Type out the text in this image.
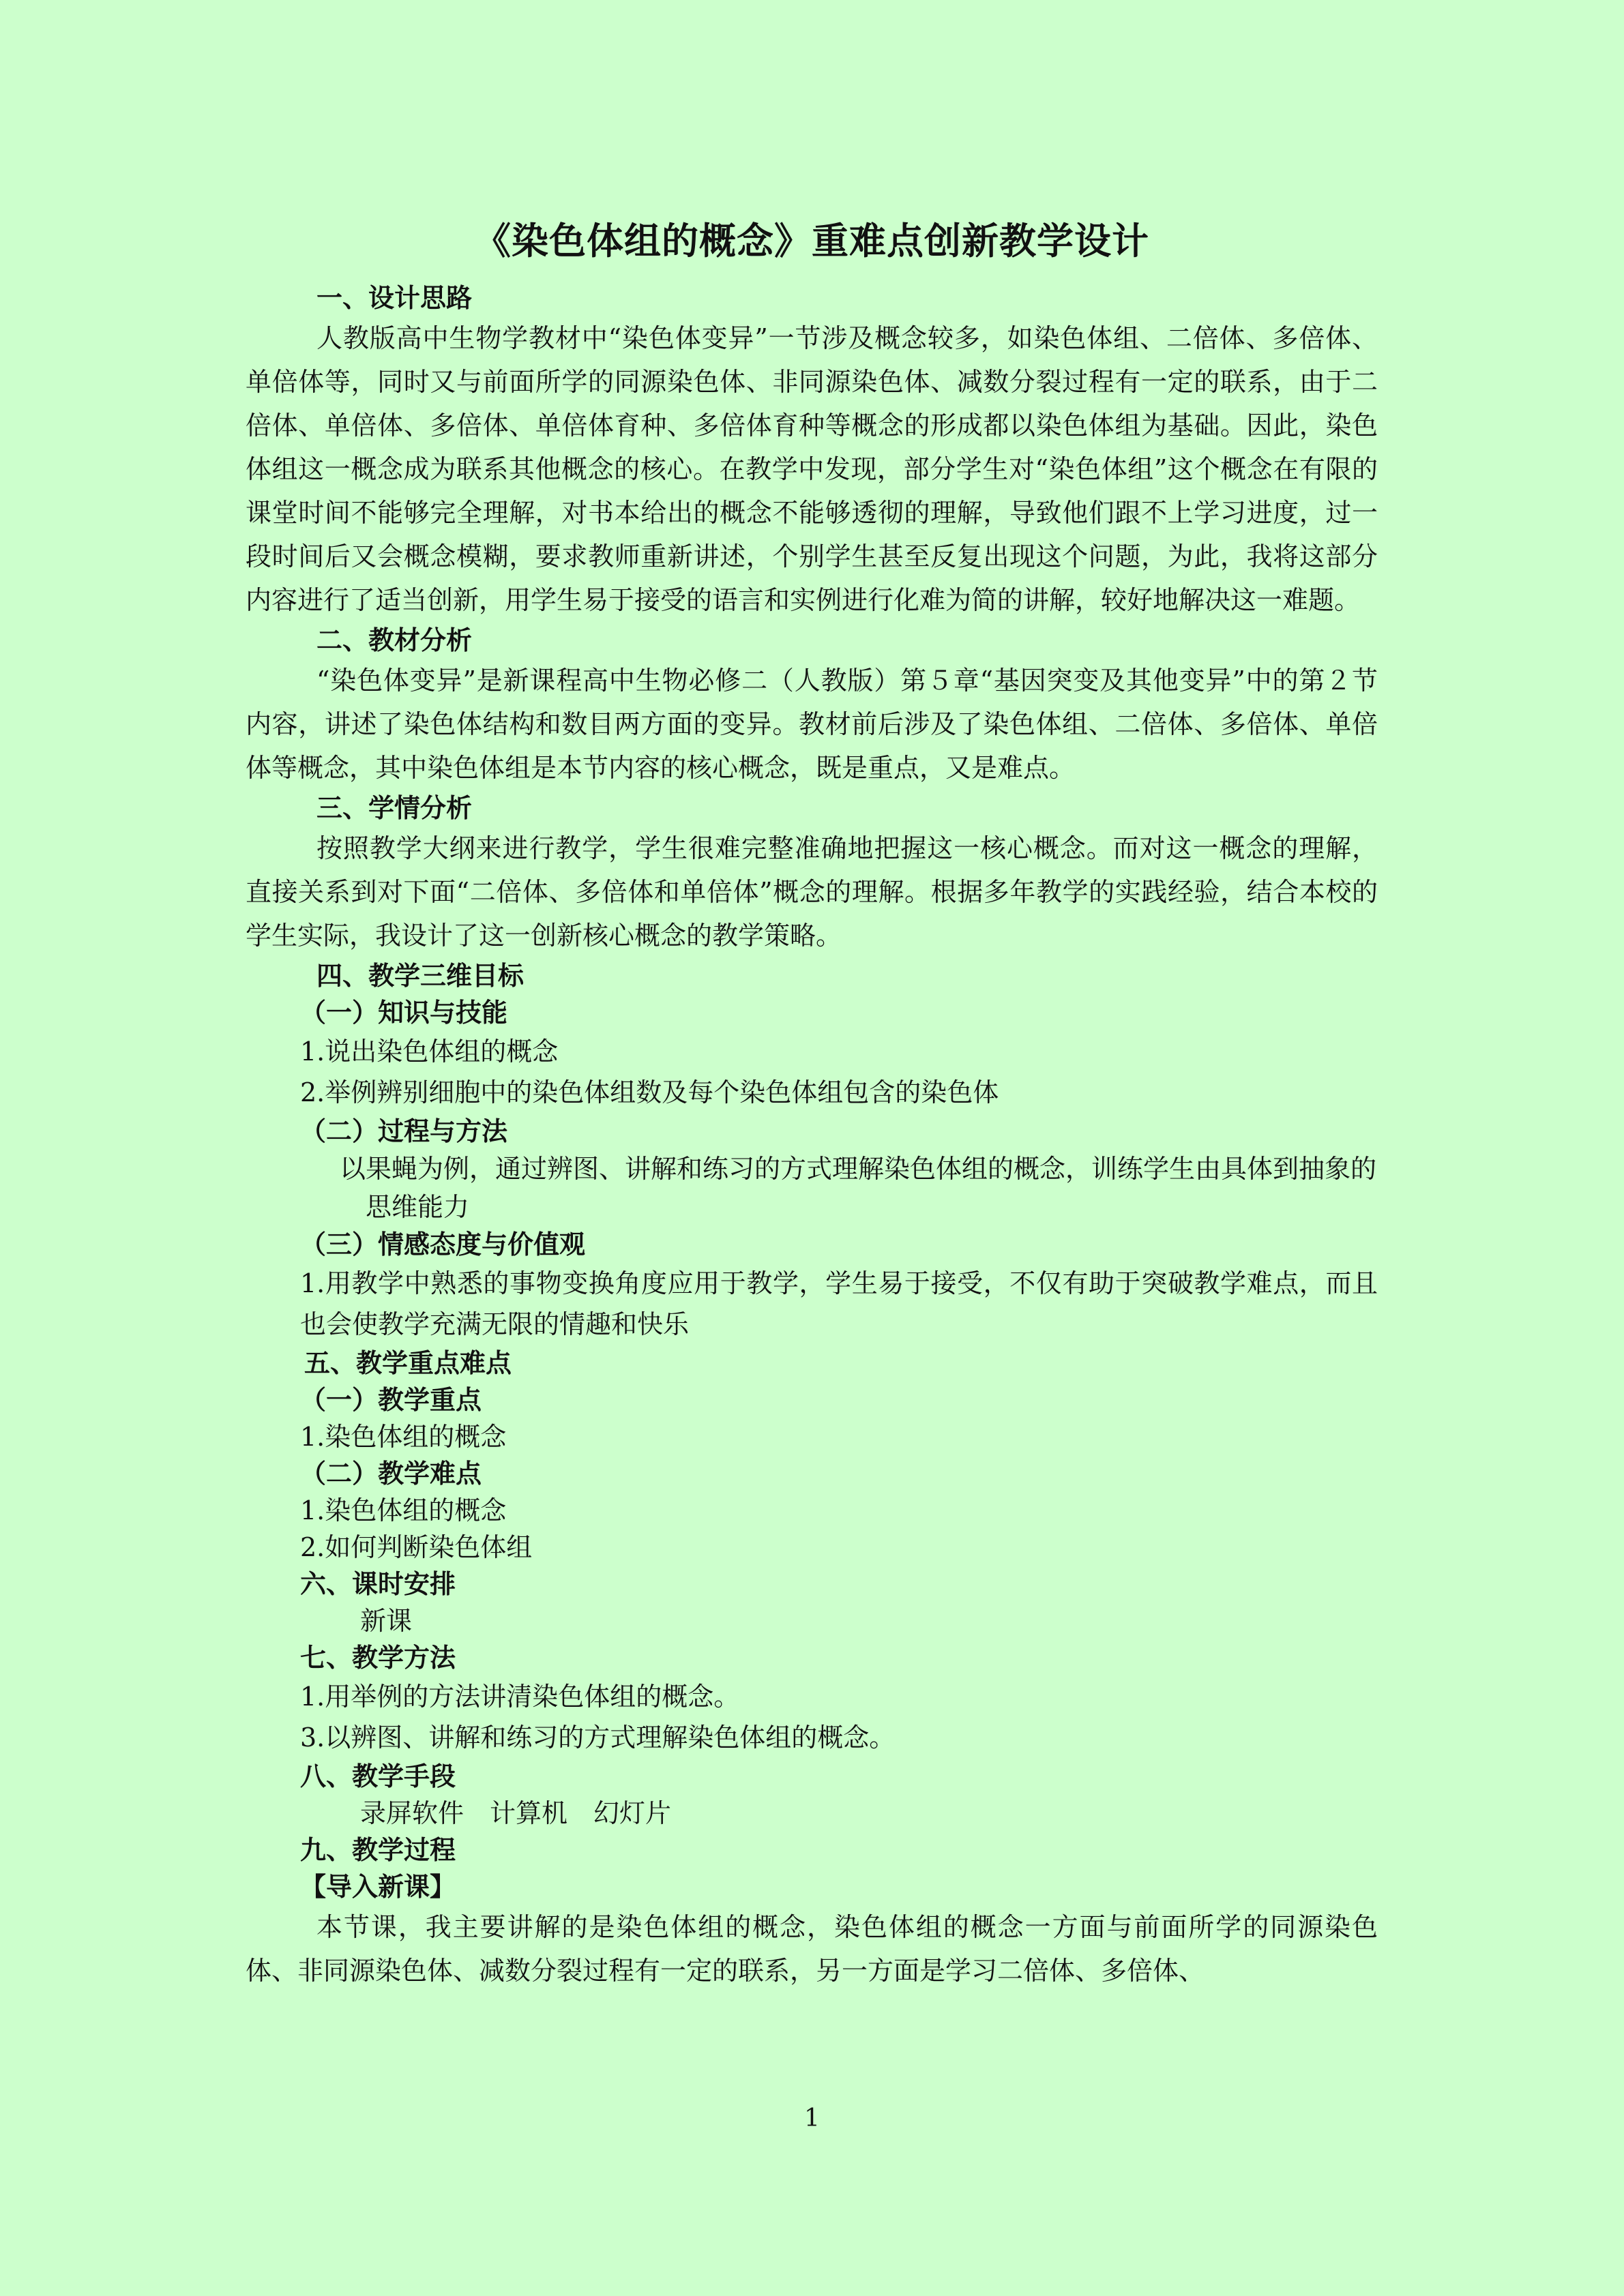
《染色体组的概念》重难点创新教学设计

一、设计思路

人教版高中生物学教材中“染色体变异”一节涉及概念较多，如染色体组、二倍体、多倍体、单倍体等，同时又与前面所学的同源染色体、非同源染色体、减数分裂过程有一定的联系，由于二倍体、单倍体、多倍体、单倍体育种、多倍体育种等概念的形成都以染色体组为基础。因此，染色体组这一概念成为联系其他概念的核心。在教学中发现，部分学生对“染色体组”这个概念在有限的课堂时间不能够完全理解，对书本给出的概念不能够透彻的理解，导致他们跟不上学习进度，过一段时间后又会概念模糊，要求教师重新讲述，个别学生甚至反复出现这个问题，为此，我将这部分内容进行了适当创新，用学生易于接受的语言和实例进行化难为简的讲解，较好地解决这一难题。

二、教材分析

“染色体变异”是新课程高中生物必修二（人教版）第５章“基因突变及其他变异”中的第２节内容，讲述了染色体结构和数目两方面的变异。教材前后涉及了染色体组、二倍体、多倍体、单倍体等概念，其中染色体组是本节内容的核心概念，既是重点，又是难点。

三、学情分析

按照教学大纲来进行教学，学生很难完整准确地把握这一核心概念。而对这一概念的理解，直接关系到对下面“二倍体、多倍体和单倍体”概念的理解。根据多年教学的实践经验，结合本校的学生实际，我设计了这一创新核心概念的教学策略。

四、教学三维目标

（一）知识与技能

1.说出染色体组的概念

2.举例辨别细胞中的染色体组数及每个染色体组包含的染色体

（二）过程与方法

以果蝇为例，通过辨图、讲解和练习的方式理解染色体组的概念，训练学生由具体到抽象的思维能力

（三）情感态度与价值观

1.用教学中熟悉的事物变换角度应用于教学，学生易于接受，不仅有助于突破教学难点，而且也会使教学充满无限的情趣和快乐

五、教学重点难点

（一）教学重点

1.染色体组的概念

（二）教学难点

1.染色体组的概念

2.如何判断染色体组

六、课时安排

新课

七、教学方法

1.用举例的方法讲清染色体组的概念。

3.以辨图、讲解和练习的方式理解染色体组的概念。

八、教学手段

录屏软件　计算机　幻灯片

九、教学过程

【导入新课】

本节课，我主要讲解的是染色体组的概念，染色体组的概念一方面与前面所学的同源染色体、非同源染色体、减数分裂过程有一定的联系，另一方面是学习二倍体、多倍体、

1
